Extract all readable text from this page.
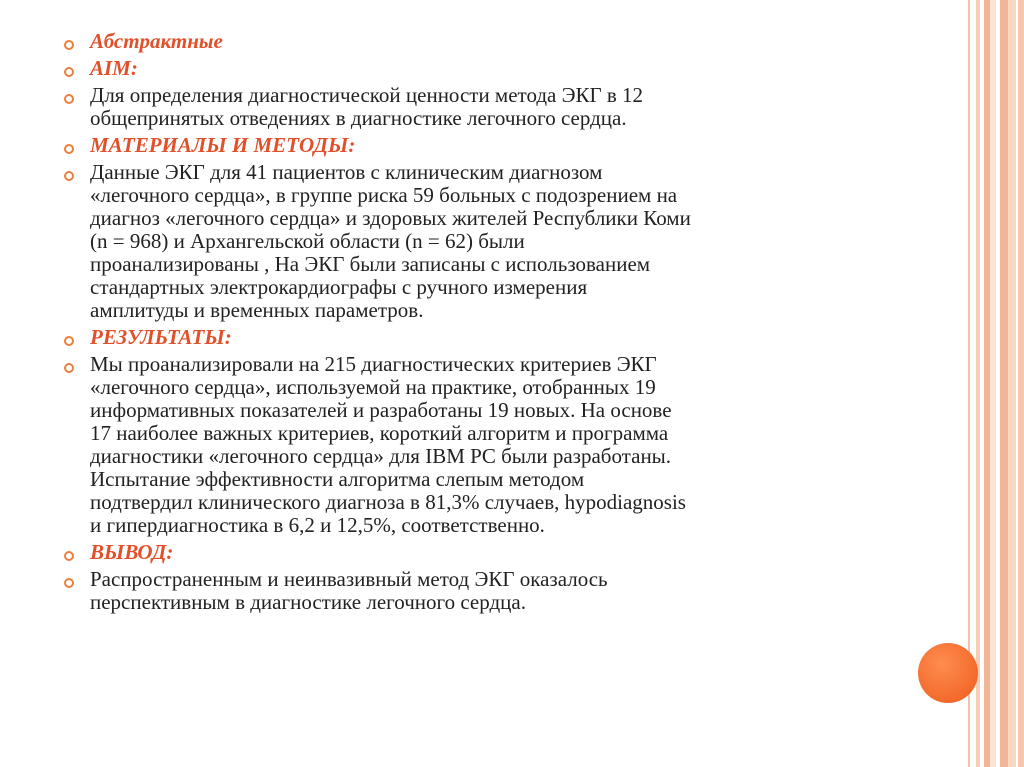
Абстрактные
AIM:
Для определения диагностической ценности метода ЭКГ в 12
общепринятых отведениях в диагностике легочного сердца.
МАТЕРИАЛЫ И МЕТОДЫ:
Данные ЭКГ для 41 пациентов с клиническим диагнозом
«легочного сердца», в группе риска 59 больных с подозрением на
диагноз «легочного сердца» и здоровых жителей Республики Коми
(n = 968) и Архангельской области (n = 62) были
проанализированы , На ЭКГ были записаны с использованием
стандартных электрокардиографы с ручного измерения
амплитуды и временных параметров.
РЕЗУЛЬТАТЫ:
Мы проанализировали на 215 диагностических критериев ЭКГ
«легочного сердца», используемой на практике, отобранных 19
информативных показателей и разработаны 19 новых. На основе
17 наиболее важных критериев, короткий алгоритм и программа
диагностики «легочного сердца» для IBM PC были разработаны.
Испытание эффективности алгоритма слепым методом
подтвердил клинического диагноза в 81,3% случаев, hypodiagnosis
и гипердиагностика в 6,2 и 12,5%, соответственно.
ВЫВОД:
Распространенным и неинвазивный метод ЭКГ оказалось
перспективным в диагностике легочного сердца.
